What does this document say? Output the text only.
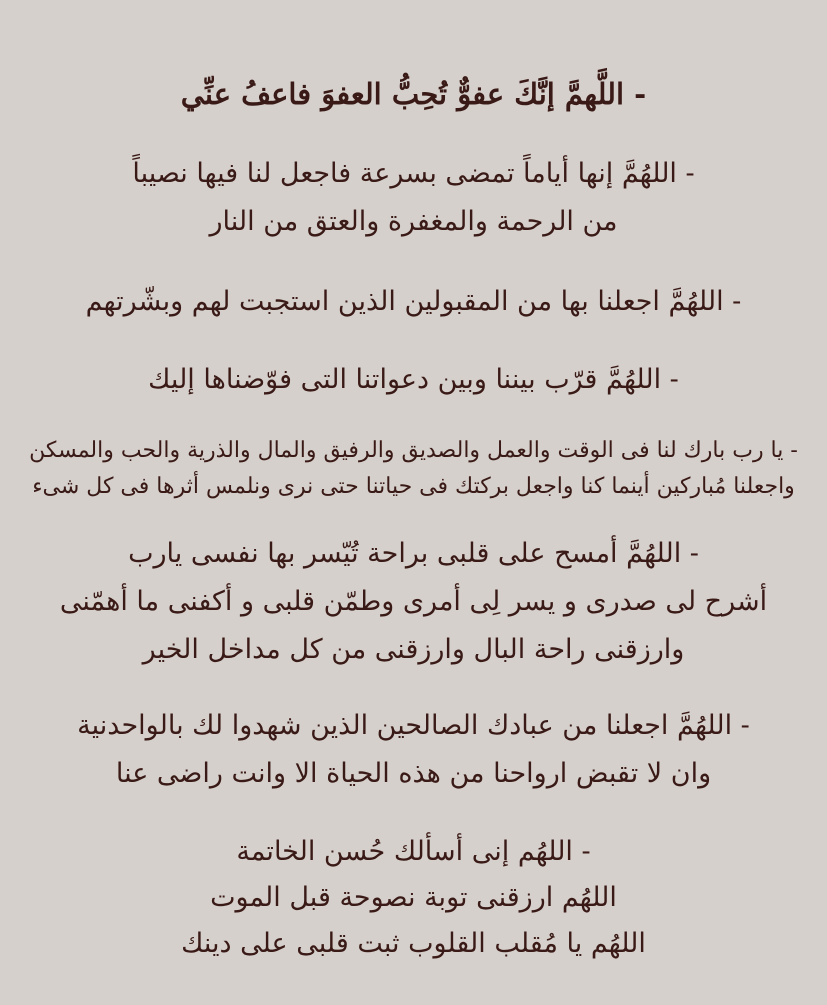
- اللَّهمَّ إنَّكَ عفوٌّ تُحِبُّ العفوَ فاعفُ عنِّي
- اللهُمَّ إنها أياماً تمضى بسرعة فاجعل لنا فيها نصيباً
من الرحمة والمغفرة والعتق من النار
- اللهُمَّ اجعلنا بها من المقبولين الذين استجبت لهم وبشّرتهم
- اللهُمَّ قرّب بيننا وبين دعواتنا التى فوّضناها إليك
- يا رب بارك لنا فى الوقت والعمل والصديق والرفيق والمال والذرية والحب والمسكن
واجعلنا مُباركين أينما كنا واجعل بركتك فى حياتنا حتى نرى ونلمس أثرها فى كل شىء
- اللهُمَّ أمسح على قلبى براحة تُيّسر بها نفسى يارب
أشرح لى صدرى و يسر لِى أمرى وطمّن قلبى و أكفنى ما أهمّنى
وارزقنى راحة البال وارزقنى من كل مداخل الخير
- اللهُمَّ اجعلنا من عبادك الصالحين الذين شهدوا لك بالواحدنية
وان لا تقبض ارواحنا من هذه الحياة الا وانت راضى عنا
- اللهُم إنى أسألك حُسن الخاتمة
اللهُم ارزقنى توبة نصوحة قبل الموت
اللهُم يا مُقلب القلوب ثبت قلبى على دينك
